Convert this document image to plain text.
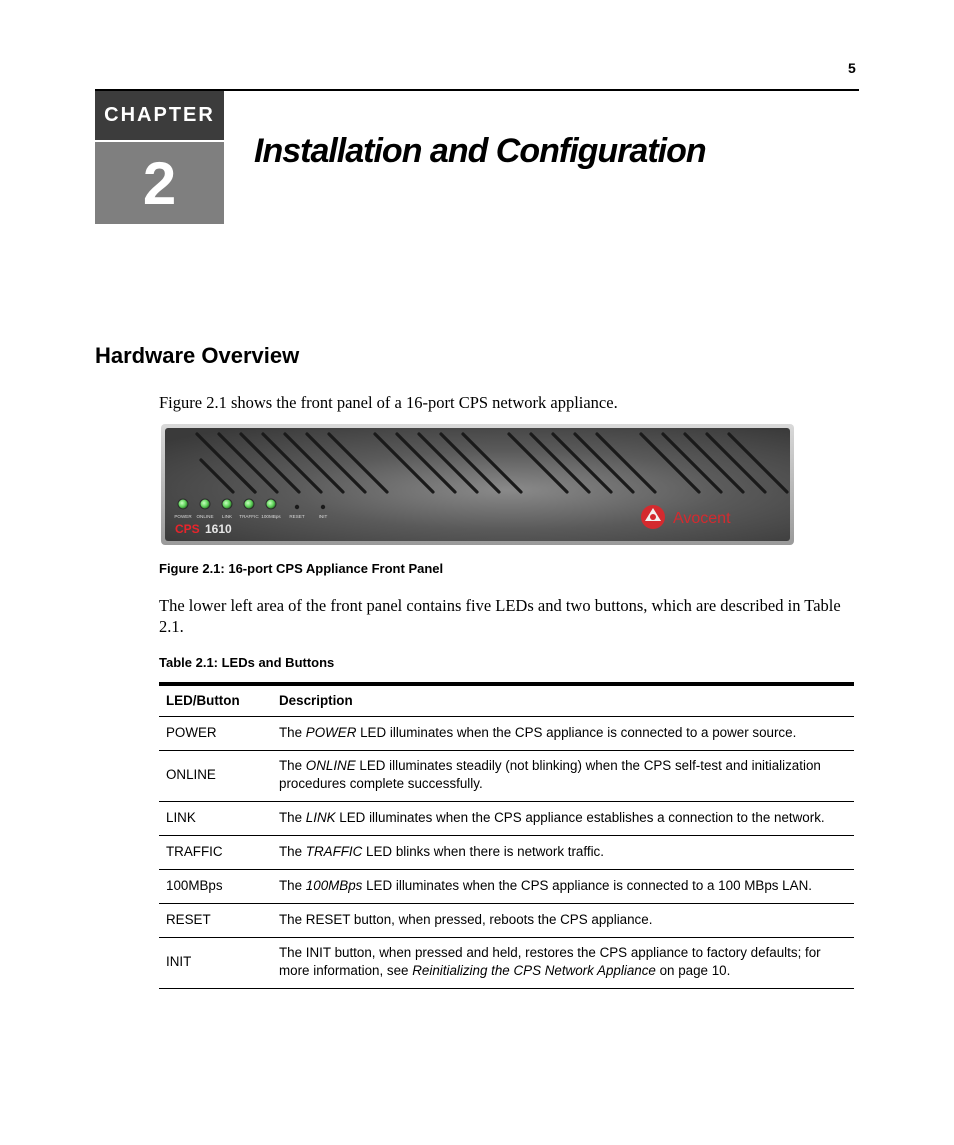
5
CHAPTER
2	Installation and Configuration
Hardware Overview
Figure 2.1 shows the front panel of a 16-port CPS network appliance.
POWER ONLINE LINK TRAFFIC 100MBps RESET	INIT
CPS 1610
Avocent
Figure 2.1: 16-port CPS Appliance Front Panel
The lower left area of the front panel contains five LEDs and two buttons, which are described in Table 2.1.
Table 2.1: LEDs and Buttons
LED/Button	Description
POWER	The POWER LED illuminates when the CPS appliance is connected to a power source.
ONLINE	The ONLINE LED illuminates steadily (not blinking) when the CPS self-test and initialization procedures complete successfully.
LINK	The LINK LED illuminates when the CPS appliance establishes a connection to the network.
TRAFFIC	The TRAFFIC LED blinks when there is network traffic.
100MBps	The 100MBps LED illuminates when the CPS appliance is connected to a 100 MBps LAN.
RESET	The RESET button, when pressed, reboots the CPS appliance.
INIT	The INIT button, when pressed and held, restores the CPS appliance to factory defaults; for more information, see Reinitializing the CPS Network Appliance on page 10.
